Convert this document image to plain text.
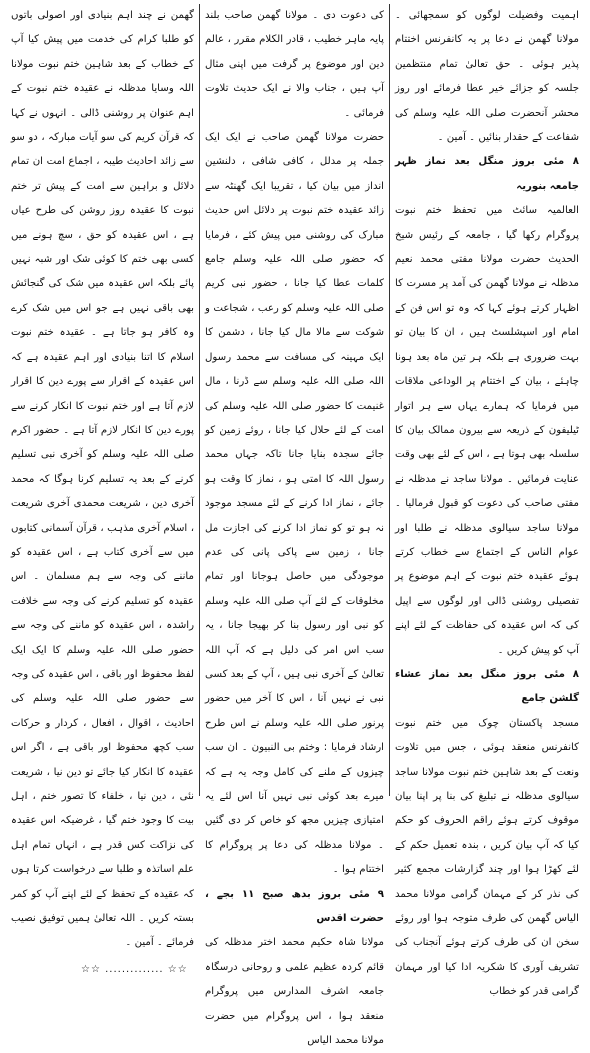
اہمیت وفضیلت لوگوں کو سمجھائی ۔ مولانا گھمن نے دعا پر یہ کانفرنس اختتام پذیر ہوئی ۔ حق تعالیٰ تمام منتظمین جلسہ کو جزائے خیر عطا فرمائے اور روز محشر آنحضرت صلی اللہ علیہ وسلم کی شفاعت کے حقدار بنائیں ۔ آمین ۔

۸ مئی بروز منگل بعد نماز ظہر جامعہ بنوریہ

العالمیہ سائٹ میں تحفظ ختم نبوت پروگرام رکھا گیا ، جامعہ کے رئیس شیخ الحدیث حضرت مولانا مفتی محمد نعیم مدظلہ نے مولانا گھمن کی آمد پر مسرت کا اظہار کرتے ہوئے کہا کہ وہ تو اس فن کے امام اور اسپشلسٹ ہیں ، ان کا بیان تو بہت ضروری ہے بلکہ ہر تین ماہ بعد ہونا چاہئے ، بیان کے اختتام پر الوداعی ملاقات میں فرمایا کہ ہمارے یہاں سے ہر اتوار ٹیلیفون کے ذریعہ سے بیرون ممالک بیان کا سلسلہ بھی ہوتا ہے ، اس کے لئے بھی وقت عنایت فرمائیں ۔ مولانا ساجد نے مدظلہ نے مفتی صاحب کی دعوت کو قبول فرمالیا ۔ مولانا ساجد سیالوی مدظلہ نے طلبا اور عوام الناس کے اجتماع سے خطاب کرتے ہوئے عقیدہ ختم نبوت کے اہم موضوع پر تفصیلی روشنی ڈالی اور لوگوں سے اپیل کی کہ اس عقیدہ کی حفاظت کے لئے اپنے آپ کو پیش کریں ۔

۸ مئی بروز منگل بعد نماز عشاء گلشن جامع

مسجد پاکستان چوک میں ختم نبوت کانفرنس منعقد ہوئی ، جس میں تلاوت ونعت کے بعد شاہین ختم نبوت مولانا ساجد سیالوی مدظلہ نے تبلیغ کی بنا پر اپنا بیان موقوف کرتے ہوئے راقم الحروف کو حکم کیا کہ آپ بیان کریں ، بندہ تعمیل حکم کے لئے کھڑا ہوا اور چند گزارشات مجمع کثیر کی نذر کر کے مہمان گرامی مولانا محمد الیاس گھمن کی طرف متوجہ ہوا اور روئے سخن ان کی طرف کرتے ہوئے آنجناب کی تشریف آوری کا شکریہ ادا کیا اور مہمان گرامی قدر کو خطاب

کی دعوت دی ۔ مولانا گھمن صاحب بلند پایہ ماہر خطیب ، قادر الکلام مقرر ، عالم دین اور موضوع پر گرفت میں اپنی مثال آپ ہیں ، جناب والا نے ایک حدیث تلاوت فرمائی ۔

حضرت مولانا گھمن صاحب نے ایک ایک جملہ پر مدلل ، کافی شافی ، دلنشین انداز میں بیان کیا ، تقریبا ایک گھنٹہ سے زائد عقیدہ ختم نبوت پر دلائل اس حدیث مبارک کی روشنی میں پیش کئے ، فرمایا کہ حضور صلی اللہ علیہ وسلم جامع کلمات عطا کیا جانا ، حضور نبی کریم صلی اللہ علیہ وسلم کو رعب ، شجاعت و شوکت سے مالا مال کیا جانا ، دشمن کا ایک مہینہ کی مسافت سے محمد رسول اللہ صلی اللہ علیہ وسلم سے ڈرنا ، مال غنیمت کا حضور صلی اللہ علیہ وسلم کی امت کے لئے حلال کیا جانا ، روئے زمین کو جائے سجدہ بنایا جانا تاکہ جہاں محمد رسول اللہ کا امتی ہو ، نماز کا وقت ہو جائے ، نماز ادا کرنے کے لئے مسجد موجود نہ ہو تو کو نماز ادا کرنے کی اجازت مل جانا ، زمین سے پاکی پانی کی عدم موجودگی میں حاصل ہوجانا اور تمام مخلوقات کے لئے آپ صلی اللہ علیہ وسلم کو نبی اور رسول بنا کر بھیجا جانا ، یہ سب اس امر کی دلیل ہے کہ آپ اللہ تعالیٰ کے آخری نبی ہیں ، آپ کے بعد کسی نبی نے نہیں آنا ، اس کا آخر میں حضور پرنور صلی اللہ علیہ وسلم نے اس طرح ارشاد فرمایا : وختم بی النبیون ۔ ان سب چیزوں کے ملنے کی کامل وجہ یہ ہے کہ میرے بعد کوئی نبی نہیں آنا اس لئے یہ امتیازی چیزیں مجھ کو خاص کر دی گئیں ۔ مولانا مدظلہ کی دعا پر پروگرام کا اختتام ہوا ۔

۹ مئی بروز بدھ صبح ۱۱ بجے ، حضرت اقدس

مولانا شاہ حکیم محمد اختر مدظلہ کی قائم کردہ عظیم علمی و روحانی درسگاہ جامعہ اشرف المدارس میں پروگرام منعقد ہوا ، اس پروگرام میں حضرت مولانا محمد الیاس

گھمن نے چند اہم بنیادی اور اصولی باتوں کو طلبا کرام کی خدمت میں پیش کیا آپ کے خطاب کے بعد شاہین ختم نبوت مولانا اللہ وسایا مدظلہ نے عقیدہ ختم نبوت کے اہم عنوان پر روشنی ڈالی ۔ انہوں نے کہا کہ قرآن کریم کی سو آیات مبارکہ ، دو سو سے زائد احادیث طیبہ ، اجماع امت ان تمام دلائل و براہین سے امت کے پیش تر ختم نبوت کا عقیدہ روز روشن کی طرح عیاں ہے ، اس عقیدہ کو حق ، سچ ہونے میں کسی بھی ختم کا کوئی شک اور شبہ نہیں پائے بلکہ اس عقیدہ میں شک کی گنجائش بھی باقی نہیں ہے جو اس میں شک کرے وہ کافر ہو جاتا ہے ۔ عقیدہ ختم نبوت اسلام کا اتنا بنیادی اور اہم عقیدہ ہے کہ اس عقیدہ کے اقرار سے پورے دین کا اقرار لازم آتا ہے اور ختم نبوت کا انکار کرنے سے پورے دین کا انکار لازم آتا ہے ۔ حضور اکرم صلی اللہ علیہ وسلم کو آخری نبی تسلیم کرنے کے بعد یہ تسلیم کرنا ہوگا کہ محمد آخری دین ، شریعت محمدی آخری شریعت ، اسلام آخری مذہب ، قرآن آسمانی کتابوں میں سے آخری کتاب ہے ، اس عقیدہ کو ماننے کی وجہ سے ہم مسلمان ۔ اس عقیدہ کو تسلیم کرنے کی وجہ سے خلافت راشدہ ، اس عقیدہ کو ماننے کی وجہ سے حضور صلی اللہ علیہ وسلم کا ایک ایک لفظ محفوظ اور باقی ، اس عقیدہ کی وجہ سے حضور صلی اللہ علیہ وسلم کی احادیث ، اقوال ، افعال ، کردار و حرکات سب کچھ محفوظ اور باقی ہے ، اگر اس عقیدہ کا انکار کیا جائے تو دین نیا ، شریعت نئی ، دین نیا ، خلفاء کا تصور ختم ، اہل بیت کا وجود ختم گیا ، غرضیکہ اس عقیدہ کی نزاکت کس قدر ہے ، انہاں تمام اہل علم اساتذہ و طلبا سے درخواست کرتا ہوں کہ عقیدہ کے تحفظ کے لئے اپنے آپ کو کمر بستہ کریں ۔ اللہ تعالیٰ ہمیں توفیق نصیب فرمائے ۔ آمین ۔

☆☆ .............. ☆☆
